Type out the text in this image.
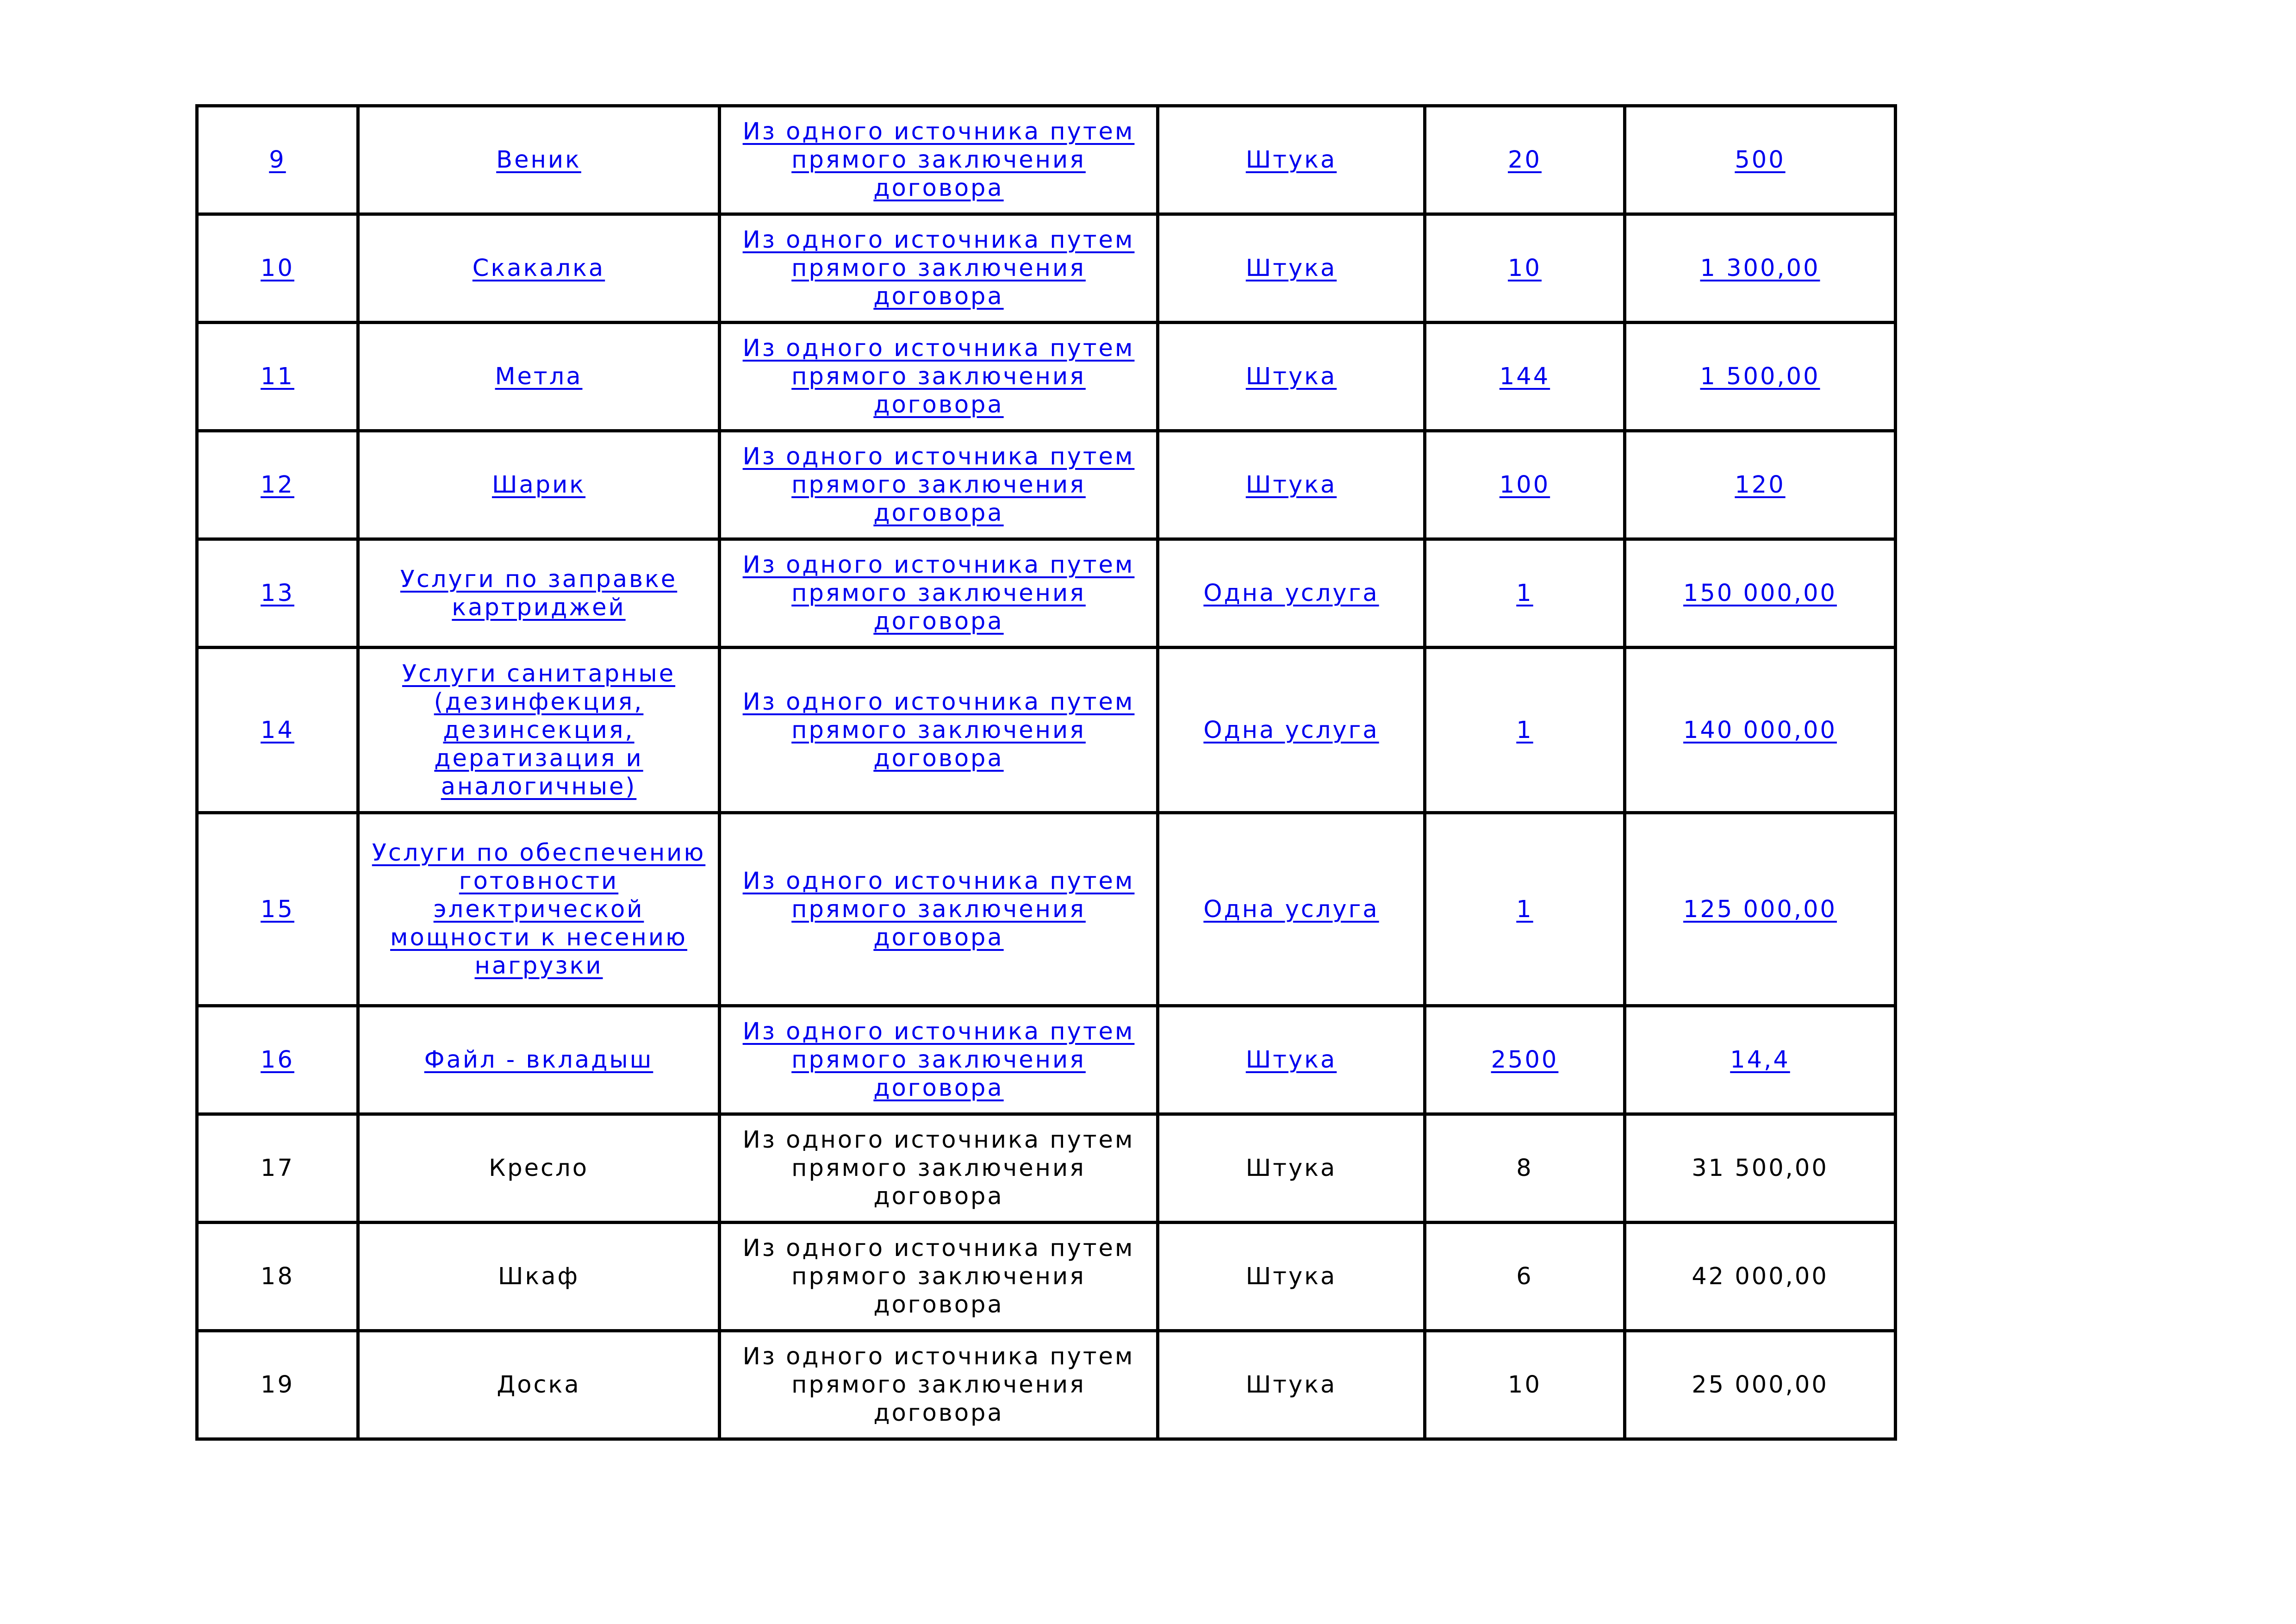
9	Веник	Из одного источника путем прямого заключения договора	Штука	20	500
10	Скакалка	Из одного источника путем прямого заключения договора	Штука	10	1 300,00
11	Метла	Из одного источника путем прямого заключения договора	Штука	144	1 500,00
12	Шарик	Из одного источника путем прямого заключения договора	Штука	100	120
13	Услуги по заправке картриджей	Из одного источника путем прямого заключения договора	Одна услуга	1	150 000,00
14	Услуги санитарные (дезинфекция, дезинсекция, дератизация и аналогичные)	Из одного источника путем прямого заключения договора	Одна услуга	1	140 000,00
15	Услуги по обеспечению готовности электрической мощности к несению нагрузки	Из одного источника путем прямого заключения договора	Одна услуга	1	125 000,00
16	Файл - вкладыш	Из одного источника путем прямого заключения договора	Штука	2500	14,4
17	Кресло	Из одного источника путем прямого заключения договора	Штука	8	31 500,00
18	Шкаф	Из одного источника путем прямого заключения договора	Штука	6	42 000,00
19	Доска	Из одного источника путем прямого заключения договора	Штука	10	25 000,00
